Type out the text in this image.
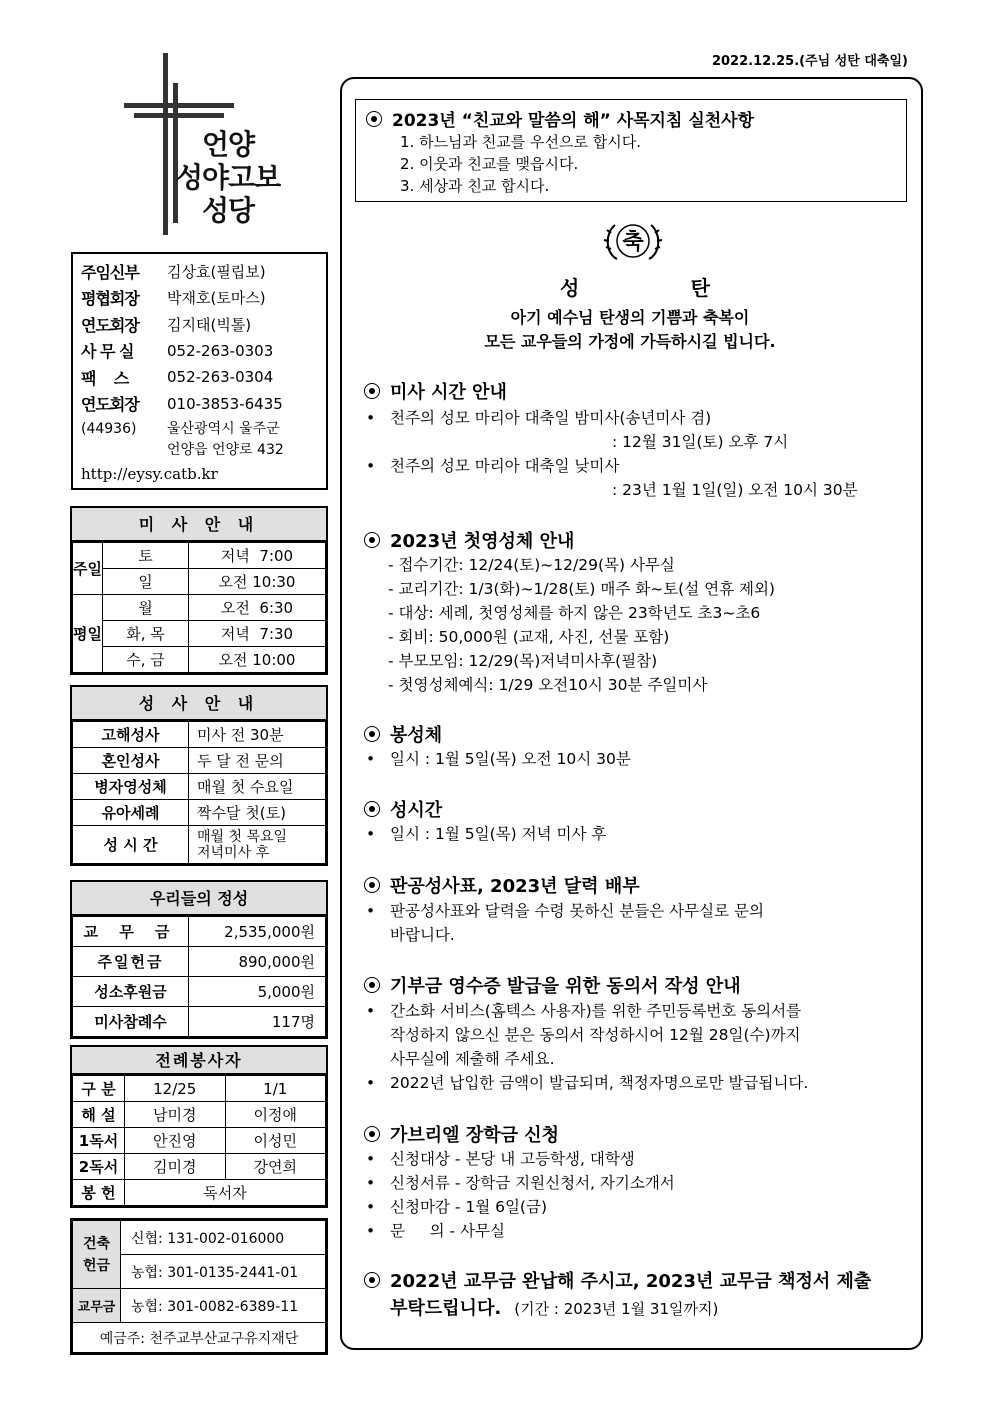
2022.12.25.(주님 성탄 대축일)
언양
성야고보
성당
주임신부	김상효(필립보)
평협회장	박재호(토마스)
연도회장	김지태(빅톨)
사 무 실	052-263-0303
팩    스	052-263-0304
연도회장	010-3853-6435
(44936)	울산광역시 울주군
언양읍 언양로 432
http://eysy.catb.kr
미 사 안 내
주일	토	저녁  7:00
	일	오전 10:30
평일	월	오전  6:30
	화, 목	저녁  7:30
	수, 금	오전 10:00
성 사 안 내
고해성사	미사 전 30분
혼인성사	두 달 전 문의
병자영성체	매월 첫 수요일
유아세례	짝수달 첫(토)
성 시 간	매월 첫 목요일 저녁미사 후
우리들의 정성
교 무 금	2,535,000원
주일헌금	890,000원
성소후원금	5,000원
미사참례수	117명
전례봉사자
구 분	12/25	1/1
해 설	남미경	이정애
1독서	안진영	이성민
2독서	김미경	강연희
봉 헌	독서자	
건축헌금	신협: 131-002-016000
	농협: 301-0135-2441-01
교무금	농협: 301-0082-6389-11
예금주: 천주교부산교구유지재단	
2023년 “친교와 말씀의 해” 사목지침 실천사항
1. 하느님과 친교를 우선으로 합시다.
2. 이웃과 친교를 맺읍시다.
3. 세상과 친교 합시다.
축
성	탄
아기 예수님 탄생의 기쁨과 축복이
모든 교우들의 가정에 가득하시길 빕니다.
미사 시간 안내
• 천주의 성모 마리아 대축일 밤미사(송년미사 겸)
: 12월 31일(토) 오후 7시
• 천주의 성모 마리아 대축일 낮미사
: 23년 1월 1일(일) 오전 10시 30분
2023년 첫영성체 안내
- 접수기간: 12/24(토)~12/29(목) 사무실
- 교리기간: 1/3(화)~1/28(토) 매주 화~토(설 연휴 제외)
- 대상: 세례, 첫영성체를 하지 않은 23학년도 초3~초6
- 회비: 50,000원 (교재, 사진, 선물 포함)
- 부모모임: 12/29(목)저녁미사후(필참)
- 첫영성체예식: 1/29 오전10시 30분 주일미사
봉성체
• 일시 : 1월 5일(목) 오전 10시 30분
성시간
• 일시 : 1월 5일(목) 저녁 미사 후
판공성사표, 2023년 달력 배부
• 판공성사표와 달력을 수령 못하신 분들은 사무실로 문의
바랍니다.
기부금 영수증 발급을 위한 동의서 작성 안내
• 간소화 서비스(홈텍스 사용자)를 위한 주민등록번호 동의서를
작성하지 않으신 분은 동의서 작성하시어 12월 28일(수)까지
사무실에 제출해 주세요.
• 2022년 납입한 금액이 발급되며, 책정자명으로만 발급됩니다.
가브리엘 장학금 신청
• 신청대상 - 본당 내 고등학생, 대학생
• 신청서류 - 장학금 지원신청서, 자기소개서
• 신청마감 - 1월 6일(금)
• 문     의 - 사무실
2022년 교무금 완납해 주시고, 2023년 교무금 책정서 제출
부탁드립니다. (기간 : 2023년 1월 31일까지)
